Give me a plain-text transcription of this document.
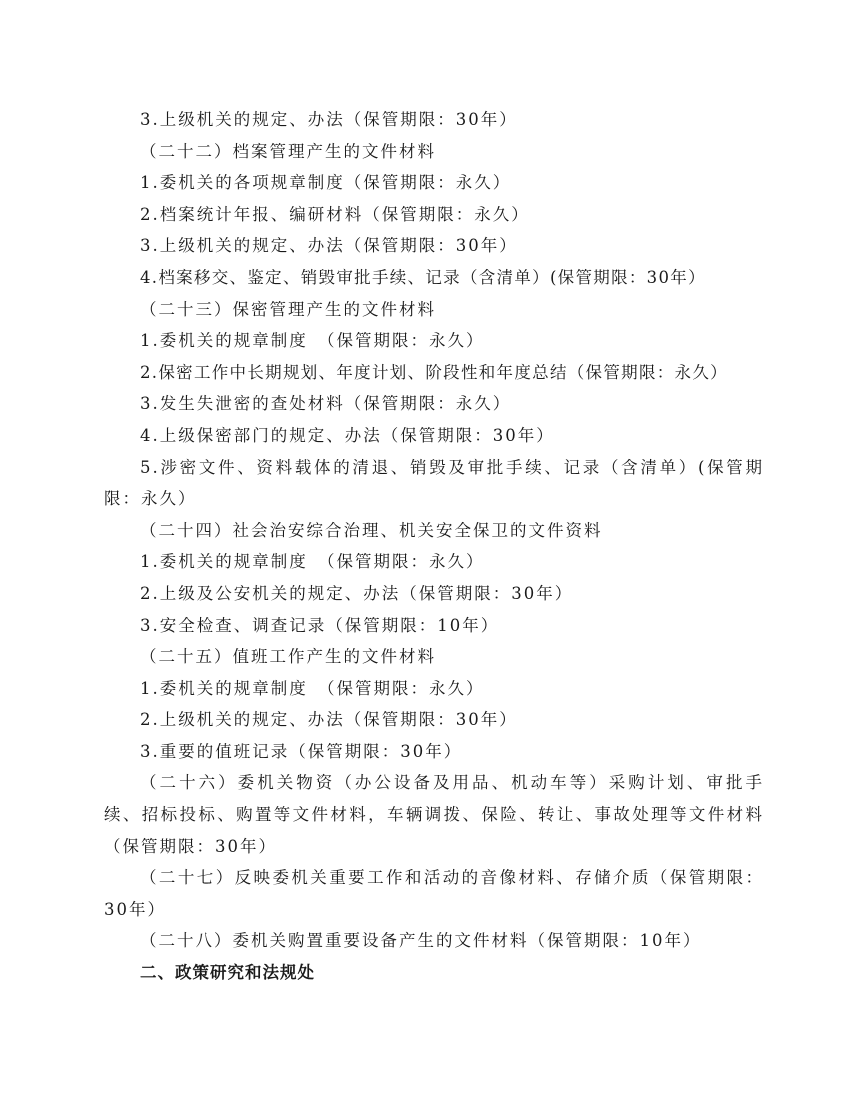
3.上级机关的规定、办法（保管期限：30年）
（二十二）档案管理产生的文件材料
1.委机关的各项规章制度（保管期限：永久）
2.档案统计年报、编研材料（保管期限：永久）
3.上级机关的规定、办法（保管期限：30年）
4.档案移交、鉴定、销毁审批手续、记录（含清单）(保管期限：30年）
（二十三）保密管理产生的文件材料
1.委机关的规章制度　（保管期限：永久）
2.保密工作中长期规划、年度计划、阶段性和年度总结（保管期限：永久）
3.发生失泄密的查处材料（保管期限：永久）
4.上级保密部门的规定、办法（保管期限：30年）
5.涉密文件、资料载体的清退、销毁及审批手续、记录（含清单）(保管期限：永久）
（二十四）社会治安综合治理、机关安全保卫的文件资料
1.委机关的规章制度　（保管期限：永久）
2.上级及公安机关的规定、办法（保管期限：30年）
3.安全检查、调查记录（保管期限：10年）
（二十五）值班工作产生的文件材料
1.委机关的规章制度　（保管期限：永久）
2.上级机关的规定、办法（保管期限：30年）
3.重要的值班记录（保管期限：30年）
（二十六）委机关物资（办公设备及用品、机动车等）采购计划、审批手续、招标投标、购置等文件材料，车辆调拨、保险、转让、事故处理等文件材料（保管期限：30年）
（二十七）反映委机关重要工作和活动的音像材料、存储介质（保管期限：30年）
（二十八）委机关购置重要设备产生的文件材料（保管期限：10年）
二、政策研究和法规处
